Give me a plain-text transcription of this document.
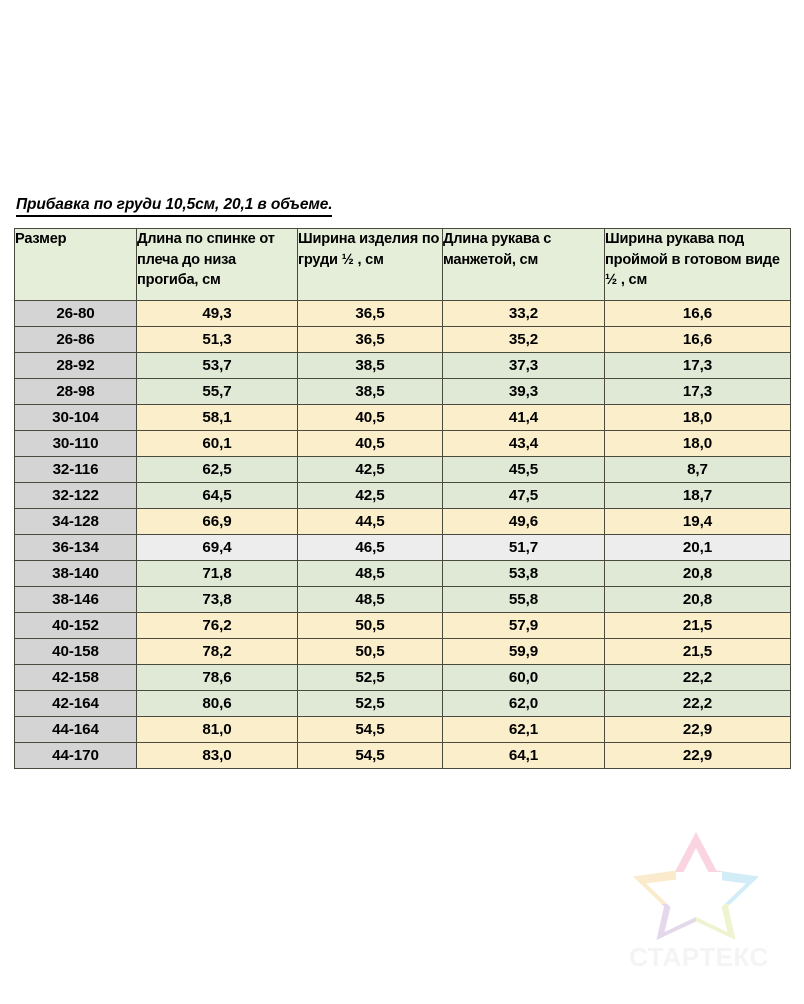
Прибавка по груди 10,5см, 20,1 в объеме.
Размер	Длина по спинке от плеча до низа прогиба, см	Ширина изделия по груди ½ , см	Длина рукава с манжетой, см	Ширина рукава под проймой в готовом виде ½ , см
26-80	49,3	36,5	33,2	16,6
26-86	51,3	36,5	35,2	16,6
28-92	53,7	38,5	37,3	17,3
28-98	55,7	38,5	39,3	17,3
30-104	58,1	40,5	41,4	18,0
30-110	60,1	40,5	43,4	18,0
32-116	62,5	42,5	45,5	8,7
32-122	64,5	42,5	47,5	18,7
34-128	66,9	44,5	49,6	19,4
36-134	69,4	46,5	51,7	20,1
38-140	71,8	48,5	53,8	20,8
38-146	73,8	48,5	55,8	20,8
40-152	76,2	50,5	57,9	21,5
40-158	78,2	50,5	59,9	21,5
42-158	78,6	52,5	60,0	22,2
42-164	80,6	52,5	62,0	22,2
44-164	81,0	54,5	62,1	22,9
44-170	83,0	54,5	64,1	22,9
СТАРТЕКС
